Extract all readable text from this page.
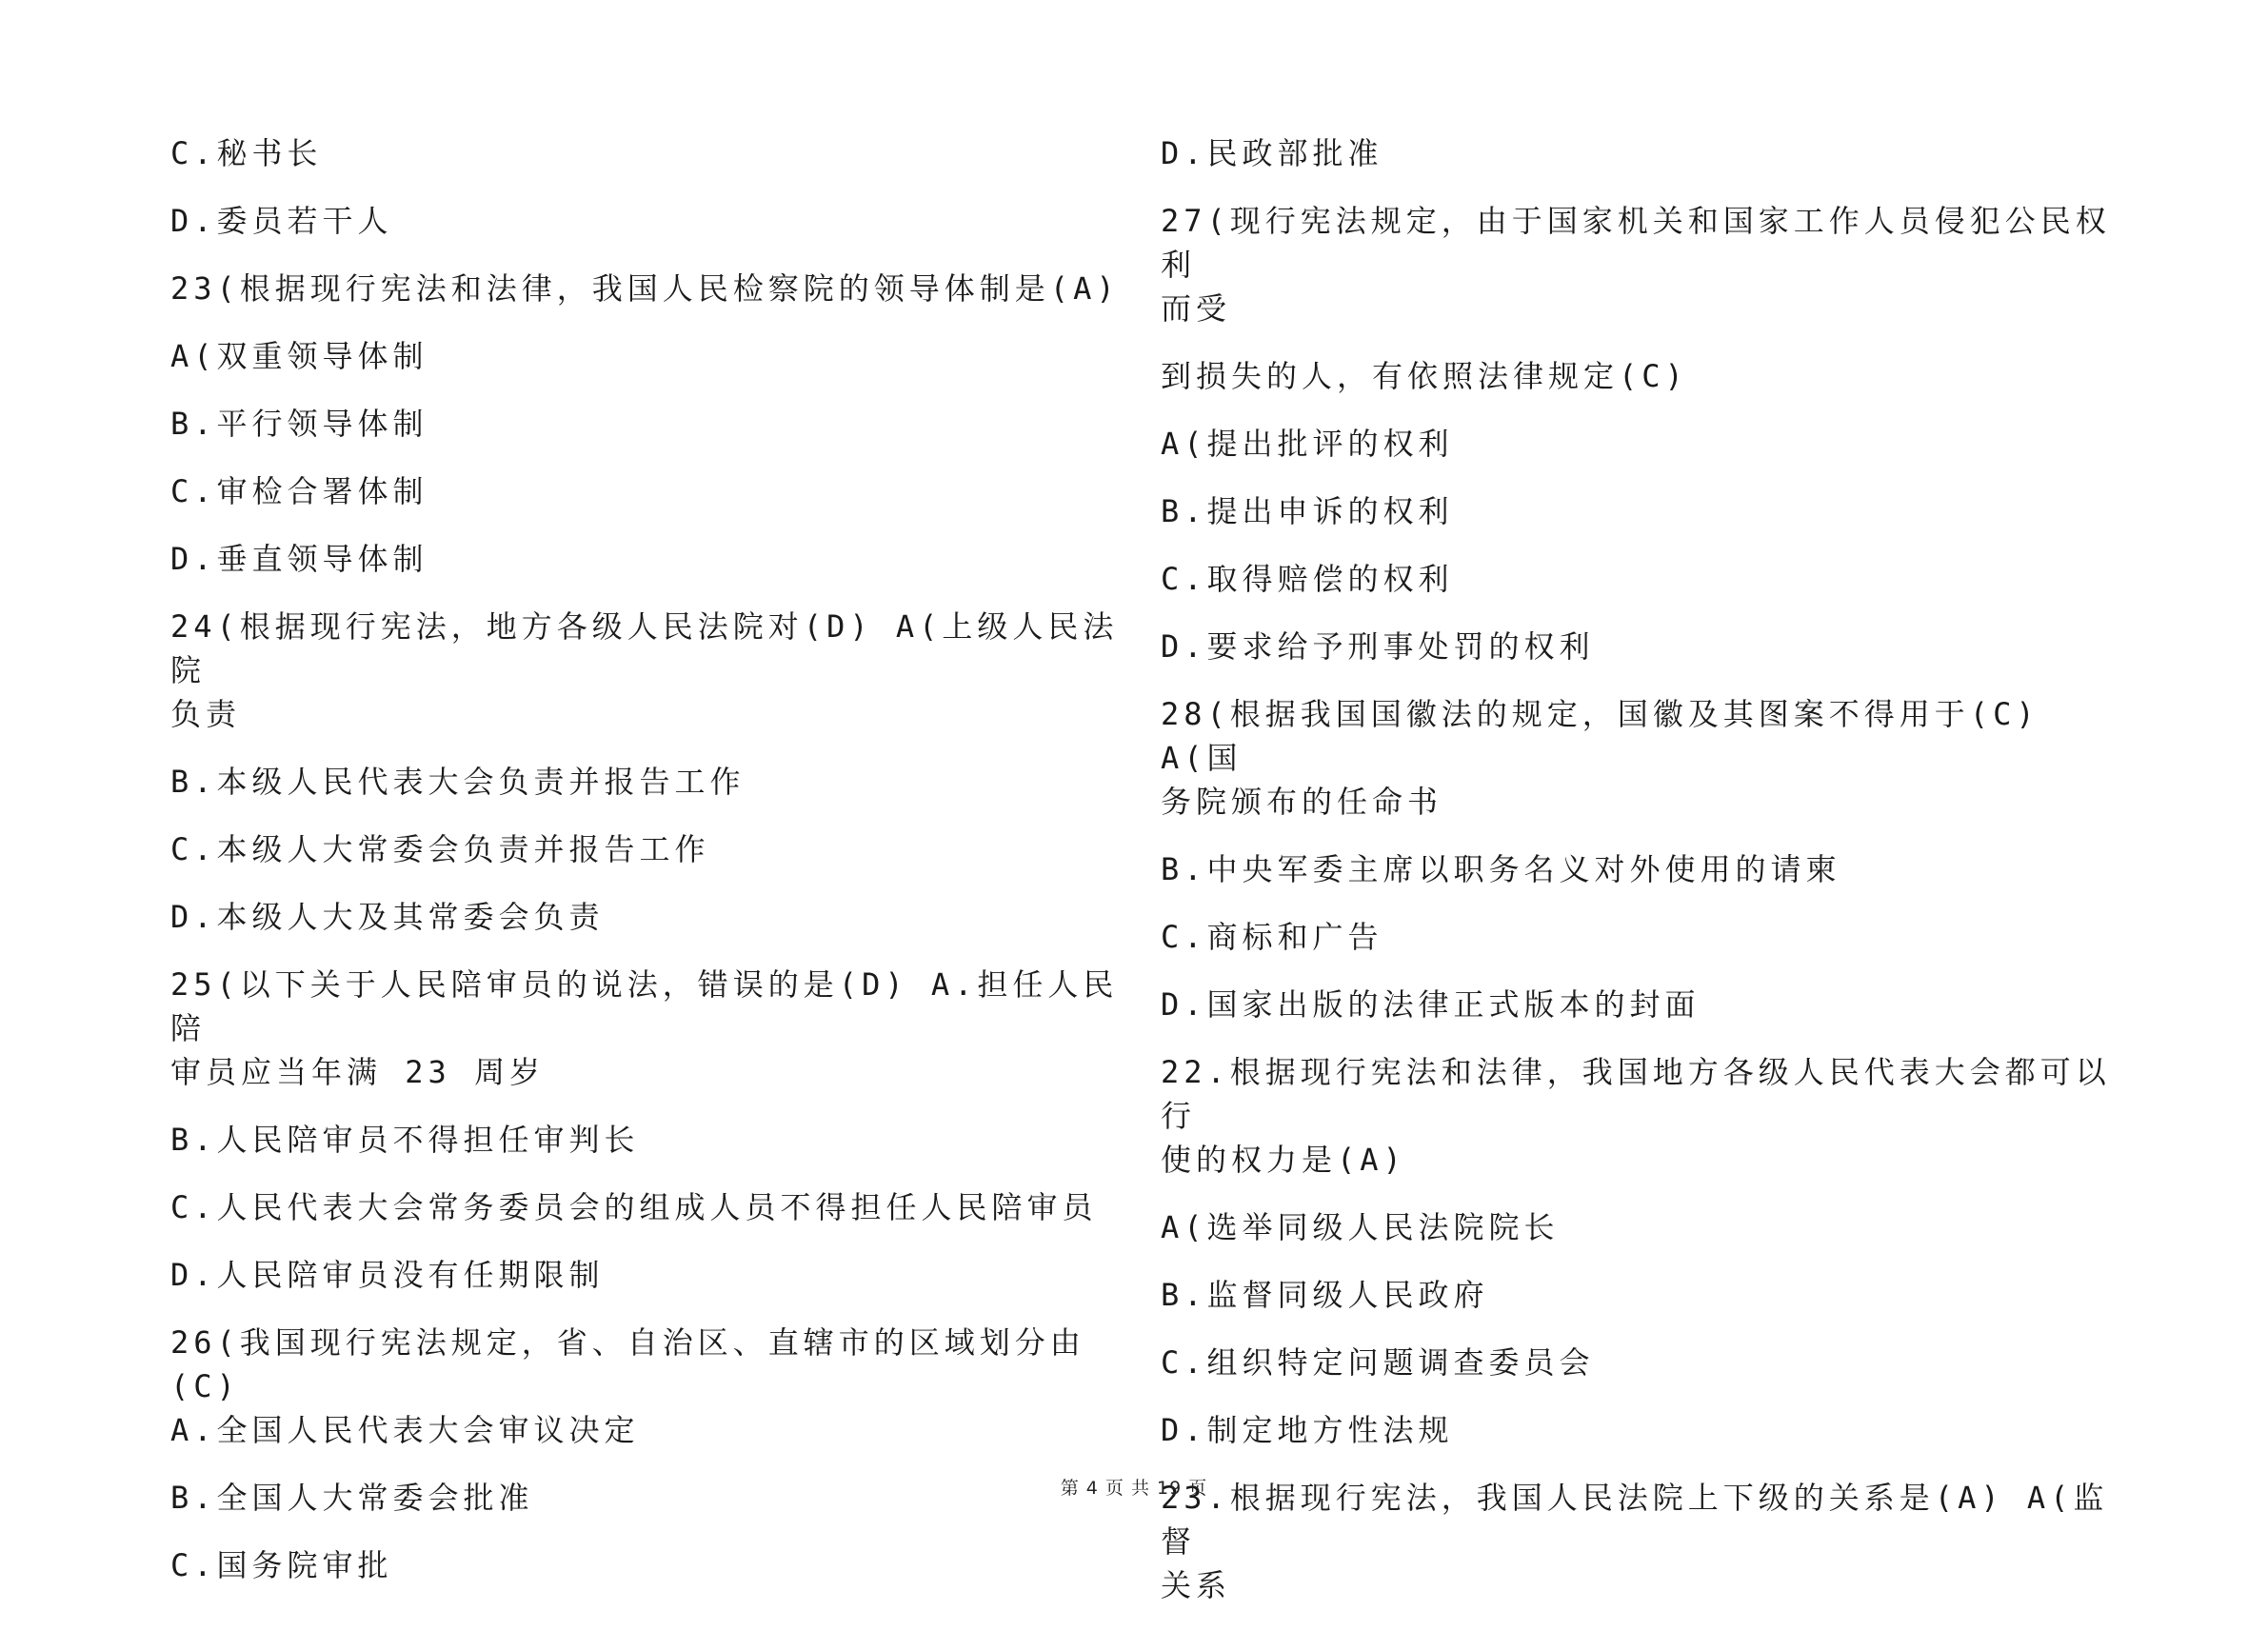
C.秘书长

D.委员若干人

23(根据现行宪法和法律，我国人民检察院的领导体制是(A)

A(双重领导体制

B.平行领导体制

C.审检合署体制

D.垂直领导体制

24(根据现行宪法，地方各级人民法院对(D) A(上级人民法院
负责

B.本级人民代表大会负责并报告工作

C.本级人大常委会负责并报告工作

D.本级人大及其常委会负责

25(以下关于人民陪审员的说法，错误的是(D) A.担任人民陪
审员应当年满 23 周岁

B.人民陪审员不得担任审判长

C.人民代表大会常务委员会的组成人员不得担任人民陪审员

D.人民陪审员没有任期限制

26(我国现行宪法规定，省、自治区、直辖市的区域划分由(C)
A.全国人民代表大会审议决定

B.全国人大常委会批准

C.国务院审批

D.民政部批准

27(现行宪法规定，由于国家机关和国家工作人员侵犯公民权利
而受

到损失的人，有依照法律规定(C)

A(提出批评的权利

B.提出申诉的权利

C.取得赔偿的权利

D.要求给予刑事处罚的权利

28(根据我国国徽法的规定，国徽及其图案不得用于(C) A(国
务院颁布的任命书

B.中央军委主席以职务名义对外使用的请柬

C.商标和广告

D.国家出版的法律正式版本的封面

22.根据现行宪法和法律，我国地方各级人民代表大会都可以行
使的权力是(A)

A(选举同级人民法院院长

B.监督同级人民政府

C.组织特定问题调查委员会

D.制定地方性法规

23.根据现行宪法，我国人民法院上下级的关系是(A) A(监督
关系

第 4 页 共 19 页
